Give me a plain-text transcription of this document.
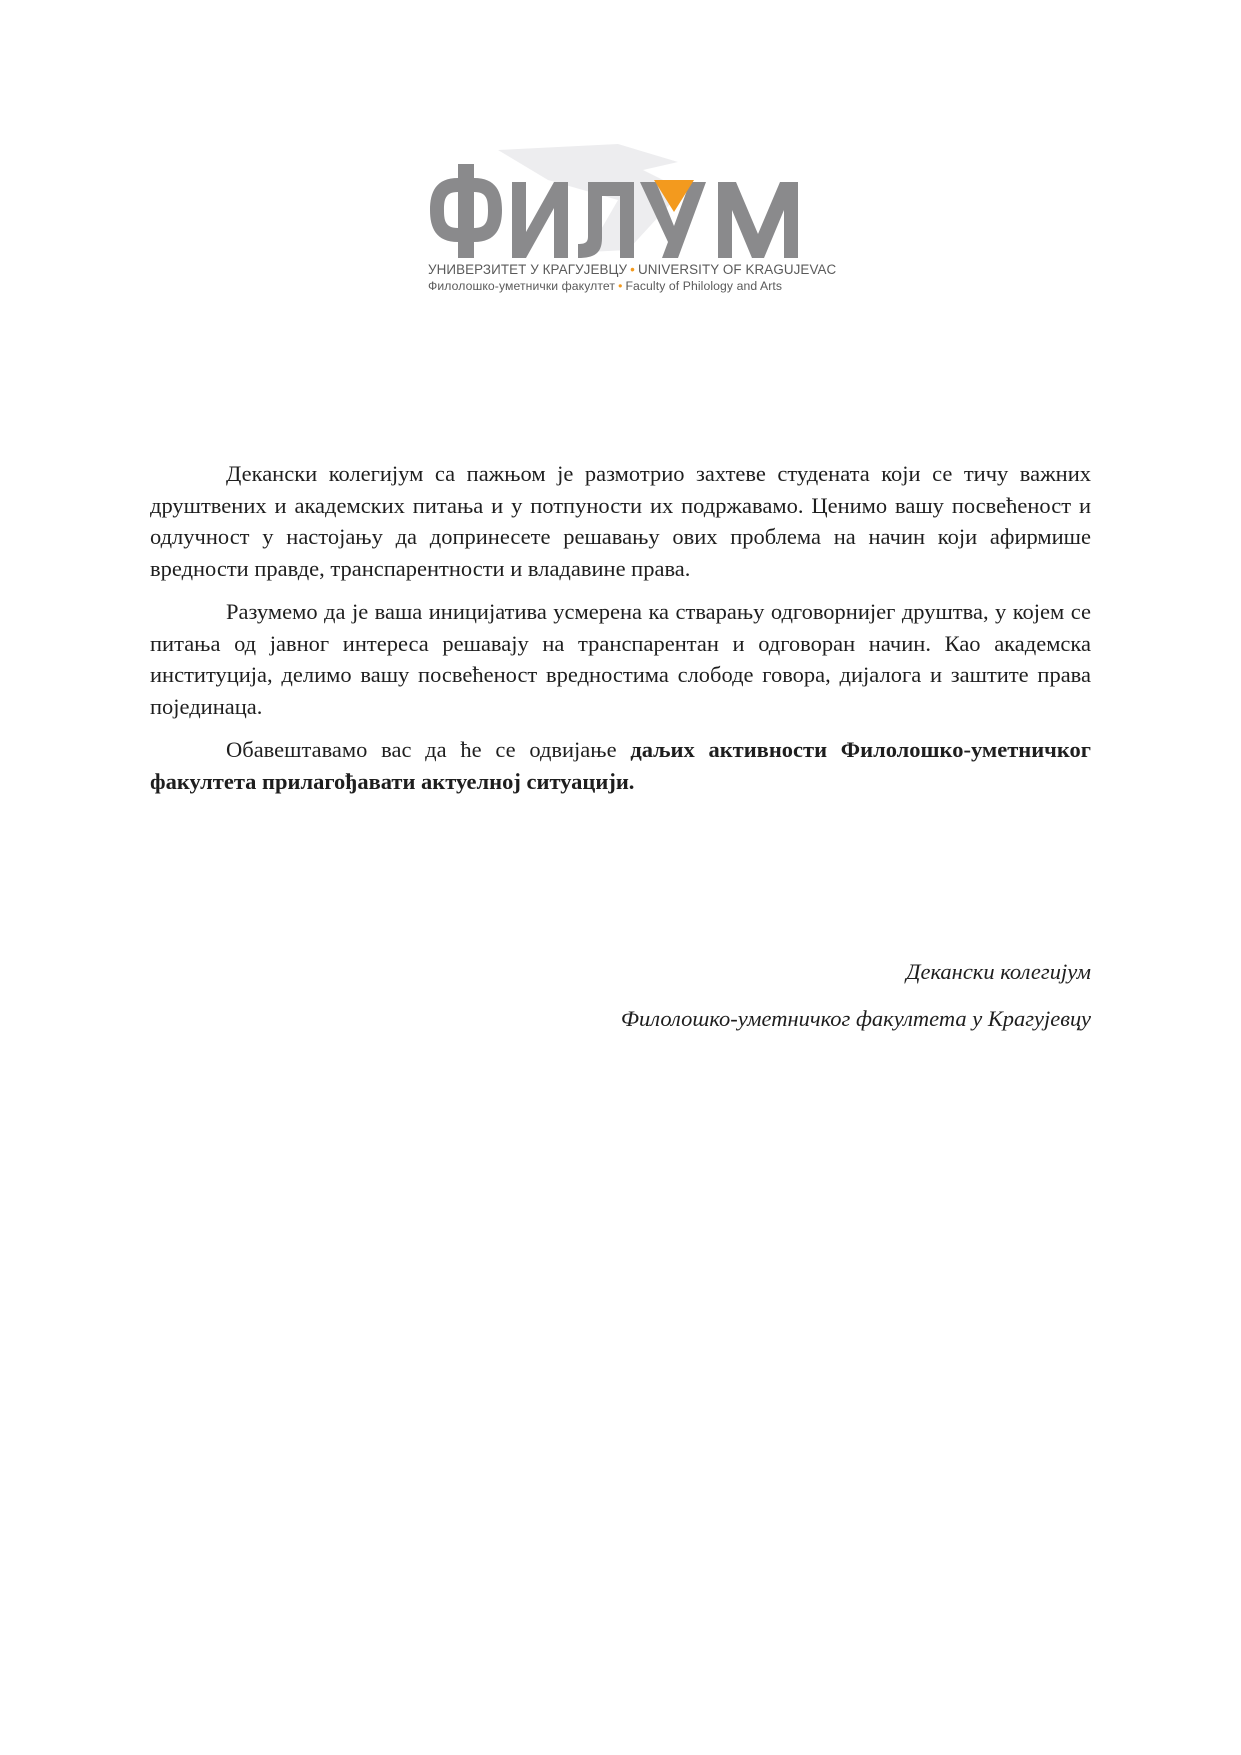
УНИВЕРЗИТЕТ У КРАГУЈЕВЦУ • UNIVERSITY OF KRAGUJEVAC
Филолошко-уметнички факултет • Faculty of Philology and Arts

Декански колегијум са пажњом је размотрио захтеве студената који се тичу важних друштвених и академских питања и у потпуности их подржавамо. Ценимо вашу посвећеност и одлучност у настојању да допринесете решавању ових проблема на начин који афирмише вредности правде, транспарентности и владавине права.

Разумемо да је ваша иницијатива усмерена ка стварању одговорнијег друштва, у којем се питања од јавног интереса решавају на транспарентан и одговоран начин. Као академска институција, делимо вашу посвећеност вредностима слободе говора, дијалога и заштите права појединаца.

Обавештавамо вас да ће се одвијање даљих активности Филолошко-уметничког факултета прилагођавати актуелној ситуацији.

Декански колегијум
Филолошко-уметничког факултета у Крагујевцу
